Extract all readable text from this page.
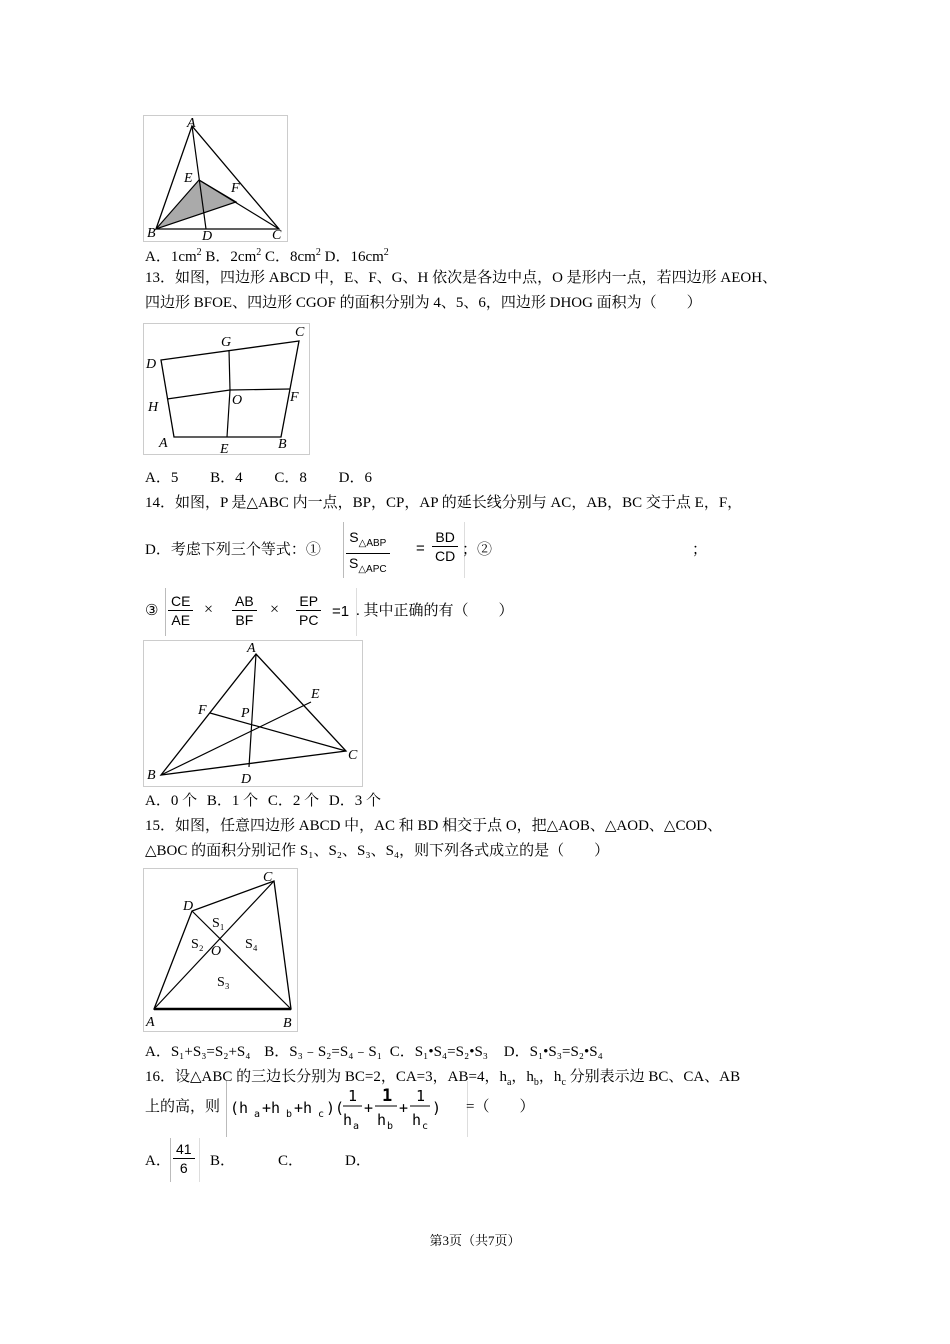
A
B	C
D
E
F
A．$1cm^2$ B．$2cm^2$ C．$8cm^2$ D．$16cm^2$
13．如图，四边形 ABCD 中，E、F、G、H 依次是各边中点，O 是形内一点，若四边形 AEOH、
四边形 BFOE、四边形 CGOF 的面积分别为 4、5、6，四边形 DHOG 面积为（　　）
D
G
C
H	O	F
A	E	B
A．5 B．4 C．8 D．6
14．如图，P 是△ABC 内一点，BP，CP，AP 的延长线分别与 AC，AB，BC 交于点 E，F，
D．考虑下列三个等式：①
$S_{\triangle ABP}$
$S_{\triangle APC}$
=
BD
CD ；②	；
③
CE
AE
× AB
BF
× EP
PC =1 . 其中正确的有（　　）
A
B
C
D
E
F P
A．0 个 B．1 个 C．2 个 D．3 个
15．如图，任意四边形 ABCD 中，AC 和 BD 相交于点 O，把△AOB、△AOD、△COD、
△BOC 的面积分别记作 S₁、S₂、S₃、S₄，则下列各式成立的是（　　）
C
D
S₁
S₂ O S₄
S₃
A	B
A．S₁+S₃=S₂+S₄ B．S₃﹣S₂=S₄﹣S₁ C．S₁•S₄=S₂•S₃ D．S₁•S₃=S₂•S₄
16．设△ABC 的三边长分别为 BC=2，CA=3，AB=4，$h_a$，$h_b$，$h_c$ 分别表示边 BC、CA、AB
上的高，则 (h a +h b +h c )(
1
h a
+
1
h b
+
1
h c
) =（　　）
A．
41
6 B．	C．	D．
第3页（共7页）
